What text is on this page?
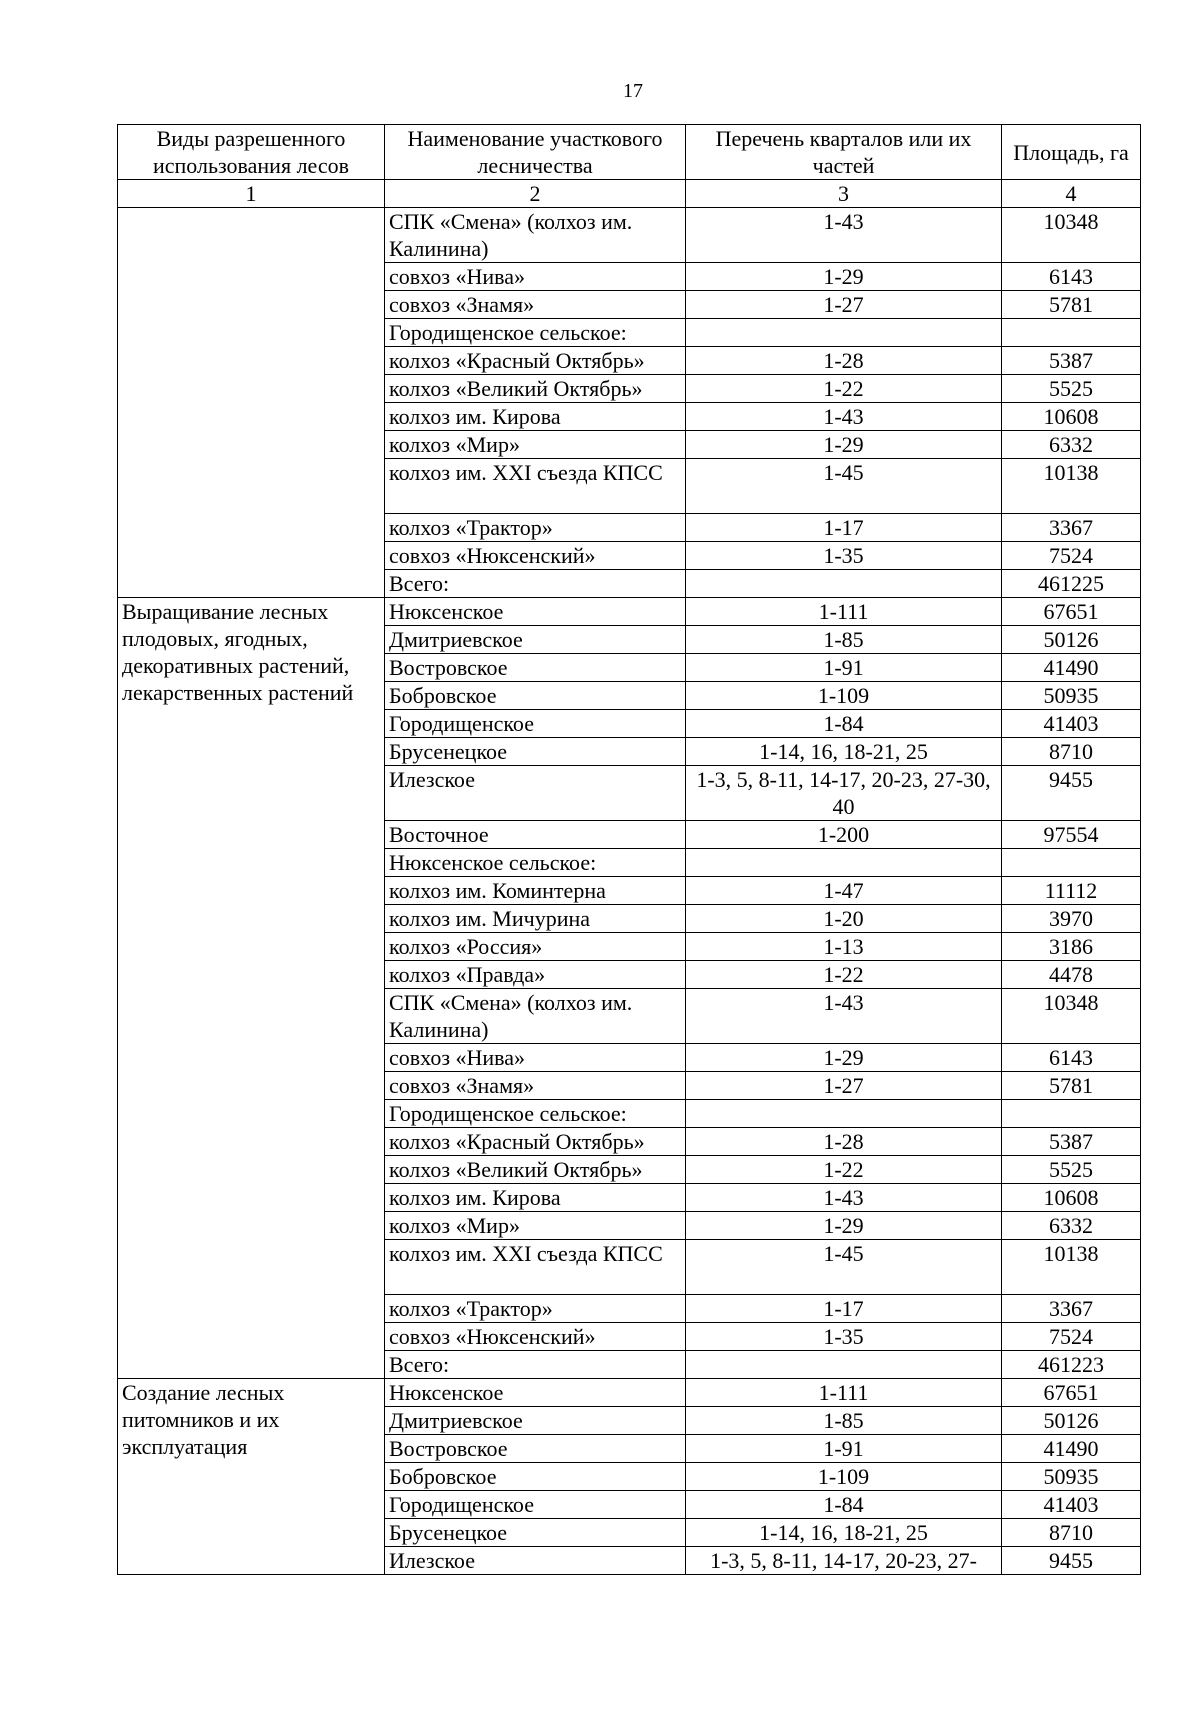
17
Виды разрешенного использования лесов	Наименование участкового лесничества	Перечень кварталов или их частей	Площадь, га
1	2	3	4
	СПК «Смена» (колхоз им. Калинина)	1-43	10348
	совхоз «Нива»	1-29	6143
	совхоз «Знамя»	1-27	5781
	Городищенское сельское:		
	колхоз «Красный Октябрь»	1-28	5387
	колхоз «Великий Октябрь»	1-22	5525
	колхоз им. Кирова	1-43	10608
	колхоз «Мир»	1-29	6332
	колхоз им. XXI съезда КПСС	1-45	10138
	колхоз «Трактор»	1-17	3367
	совхоз «Нюксенский»	1-35	7524
	Всего:		461225
Выращивание лесных плодовых, ягодных, декоративных растений, лекарственных растений	Нюксенское	1-111	67651
	Дмитриевское	1-85	50126
	Востровское	1-91	41490
	Бобровское	1-109	50935
	Городищенское	1-84	41403
	Брусенецкое	1-14, 16, 18-21, 25	8710
	Илезское	1-3, 5, 8-11, 14-17, 20-23, 27-30, 40	9455
	Восточное	1-200	97554
	Нюксенское сельское:		
	колхоз им. Коминтерна	1-47	11112
	колхоз им. Мичурина	1-20	3970
	колхоз «Россия»	1-13	3186
	колхоз «Правда»	1-22	4478
	СПК «Смена» (колхоз им. Калинина)	1-43	10348
	совхоз «Нива»	1-29	6143
	совхоз «Знамя»	1-27	5781
	Городищенское сельское:		
	колхоз «Красный Октябрь»	1-28	5387
	колхоз «Великий Октябрь»	1-22	5525
	колхоз им. Кирова	1-43	10608
	колхоз «Мир»	1-29	6332
	колхоз им. XXI съезда КПСС	1-45	10138
	колхоз «Трактор»	1-17	3367
	совхоз «Нюксенский»	1-35	7524
	Всего:		461223
Создание лесных питомников и их эксплуатация	Нюксенское	1-111	67651
	Дмитриевское	1-85	50126
	Востровское	1-91	41490
	Бобровское	1-109	50935
	Городищенское	1-84	41403
	Брусенецкое	1-14, 16, 18-21, 25	8710
	Илезское	1-3, 5, 8-11, 14-17, 20-23, 27-	9455
